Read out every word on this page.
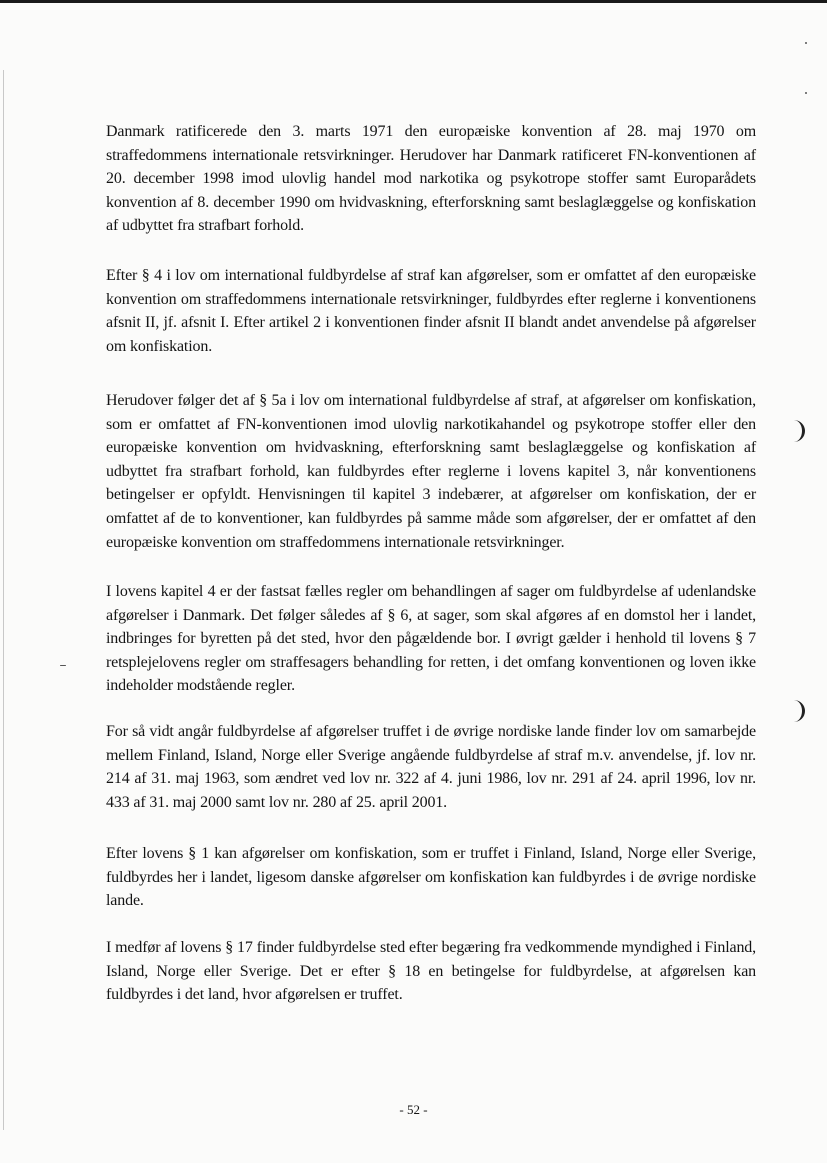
Danmark ratificerede den 3. marts 1971 den europæiske konvention af 28. maj 1970 om straffedommens internationale retsvirkninger. Herudover har Danmark ratificeret FN-konventionen af 20. december 1998 imod ulovlig handel mod narkotika og psykotrope stoffer samt Europarådets konvention af 8. december 1990 om hvidvaskning, efterforskning samt beslaglæggelse og konfiskation af udbyttet fra strafbart forhold.

Efter § 4 i lov om international fuldbyrdelse af straf kan afgørelser, som er omfattet af den europæiske konvention om straffedommens internationale retsvirkninger, fuldbyrdes efter reglerne i konventionens afsnit II, jf. afsnit I. Efter artikel 2 i konventionen finder afsnit II blandt andet anvendelse på afgørelser om konfiskation.

Herudover følger det af § 5a i lov om international fuldbyrdelse af straf, at afgørelser om konfiskation, som er omfattet af FN-konventionen imod ulovlig narkotikahandel og psykotrope stoffer eller den europæiske konvention om hvidvaskning, efterforskning samt beslaglæggelse og konfiskation af udbyttet fra strafbart forhold, kan fuldbyrdes efter reglerne i lovens kapitel 3, når konventionens betingelser er opfyldt. Henvisningen til kapitel 3 indebærer, at afgørelser om konfiskation, der er omfattet af de to konventioner, kan fuldbyrdes på samme måde som afgørelser, der er omfattet af den europæiske konvention om straffedommens internationale retsvirkninger.

I lovens kapitel 4 er der fastsat fælles regler om behandlingen af sager om fuldbyrdelse af udenlandske afgørelser i Danmark. Det følger således af § 6, at sager, som skal afgøres af en domstol her i landet, indbringes for byretten på det sted, hvor den pågældende bor. I øvrigt gælder i henhold til lovens § 7 retsplejelovens regler om straffesagers behandling for retten, i det omfang konventionen og loven ikke indeholder modstående regler.

For så vidt angår fuldbyrdelse af afgørelser truffet i de øvrige nordiske lande finder lov om samarbejde mellem Finland, Island, Norge eller Sverige angående fuldbyrdelse af straf m.v. anvendelse, jf. lov nr. 214 af 31. maj 1963, som ændret ved lov nr. 322 af 4. juni 1986, lov nr. 291 af 24. april 1996, lov nr. 433 af 31. maj 2000 samt lov nr. 280 af 25. april 2001.

Efter lovens § 1 kan afgørelser om konfiskation, som er truffet i Finland, Island, Norge eller Sverige, fuldbyrdes her i landet, ligesom danske afgørelser om konfiskation kan fuldbyrdes i de øvrige nordiske lande.

I medfør af lovens § 17 finder fuldbyrdelse sted efter begæring fra vedkommende myndighed i Finland, Island, Norge eller Sverige. Det er efter § 18 en betingelse for fuldbyrdelse, at afgørelsen kan fuldbyrdes i det land, hvor afgørelsen er truffet.

- 52 -
